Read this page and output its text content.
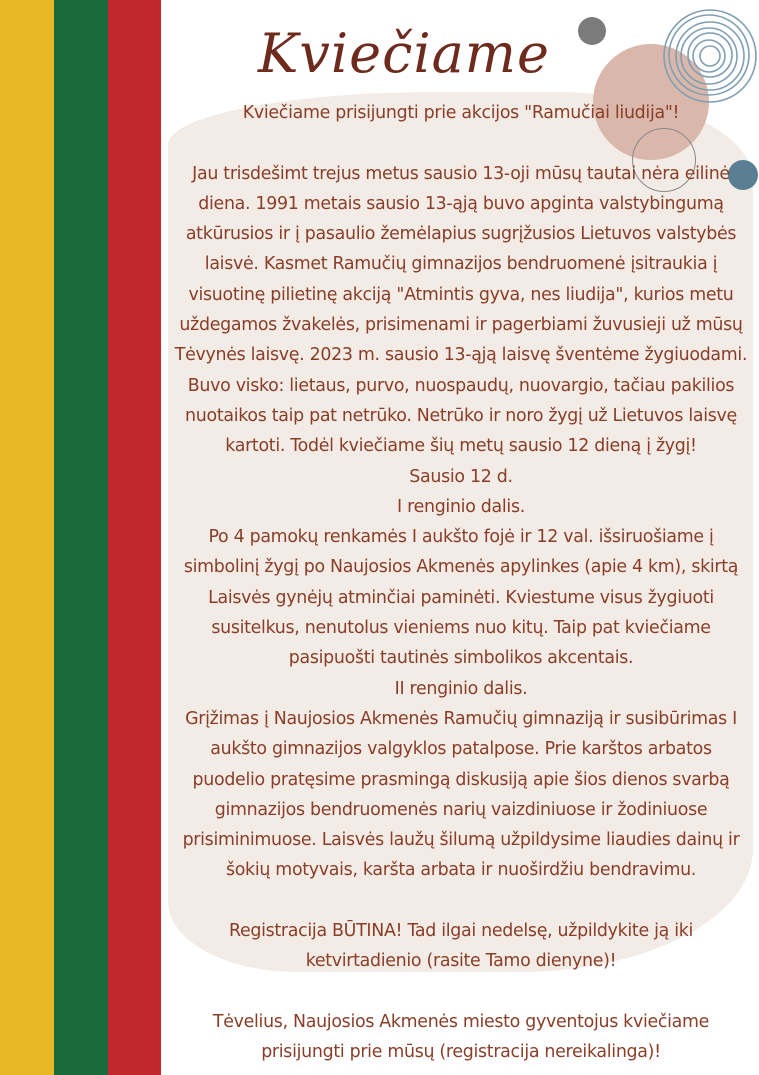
Kviečiame
Kviečiame prisijungti prie akcijos "Ramučiai liudija"!
Jau trisdešimt trejus metus sausio 13-oji mūsų tautai nėra eilinė
diena. 1991 metais sausio 13-ąją buvo apginta valstybingumą
atkūrusios ir į pasaulio žemėlapius sugrįžusios Lietuvos valstybės
laisvė. Kasmet Ramučių gimnazijos bendruomenė įsitraukia į
visuotinę pilietinę akciją "Atmintis gyva, nes liudija", kurios metu
uždegamos žvakelės, prisimenami ir pagerbiami žuvusieji už mūsų
Tėvynės laisvę. 2023 m. sausio 13-ąją laisvę šventėme žygiuodami.
Buvo visko: lietaus, purvo, nuospaudų, nuovargio, tačiau pakilios
nuotaikos taip pat netrūko. Netrūko ir noro žygį už Lietuvos laisvę
kartoti. Todėl kviečiame šių metų sausio 12 dieną į žygį!
Sausio 12 d.
I renginio dalis.
Po 4 pamokų renkamės I aukšto fojė ir 12 val. išsiruošiame į
simbolinį žygį po Naujosios Akmenės apylinkes (apie 4 km), skirtą
Laisvės gynėjų atminčiai paminėti. Kviestume visus žygiuoti
susitelkus, nenutolus vieniems nuo kitų. Taip pat kviečiame
pasipuošti tautinės simbolikos akcentais.
II renginio dalis.
Grįžimas į Naujosios Akmenės Ramučių gimnaziją ir susibūrimas I
aukšto gimnazijos valgyklos patalpose. Prie karštos arbatos
puodelio pratęsime prasmingą diskusiją apie šios dienos svarbą
gimnazijos bendruomenės narių vaizdiniuose ir žodiniuose
prisiminimuose. Laisvės laužų šilumą užpildysime liaudies dainų ir
šokių motyvais, karšta arbata ir nuoširdžiu bendravimu.
Registracija BŪTINA! Tad ilgai nedelsę, užpildykite ją iki
ketvirtadienio (rasite Tamo dienyne)!
Tėvelius, Naujosios Akmenės miesto gyventojus kviečiame
prisijungti prie mūsų (registracija nereikalinga)!
